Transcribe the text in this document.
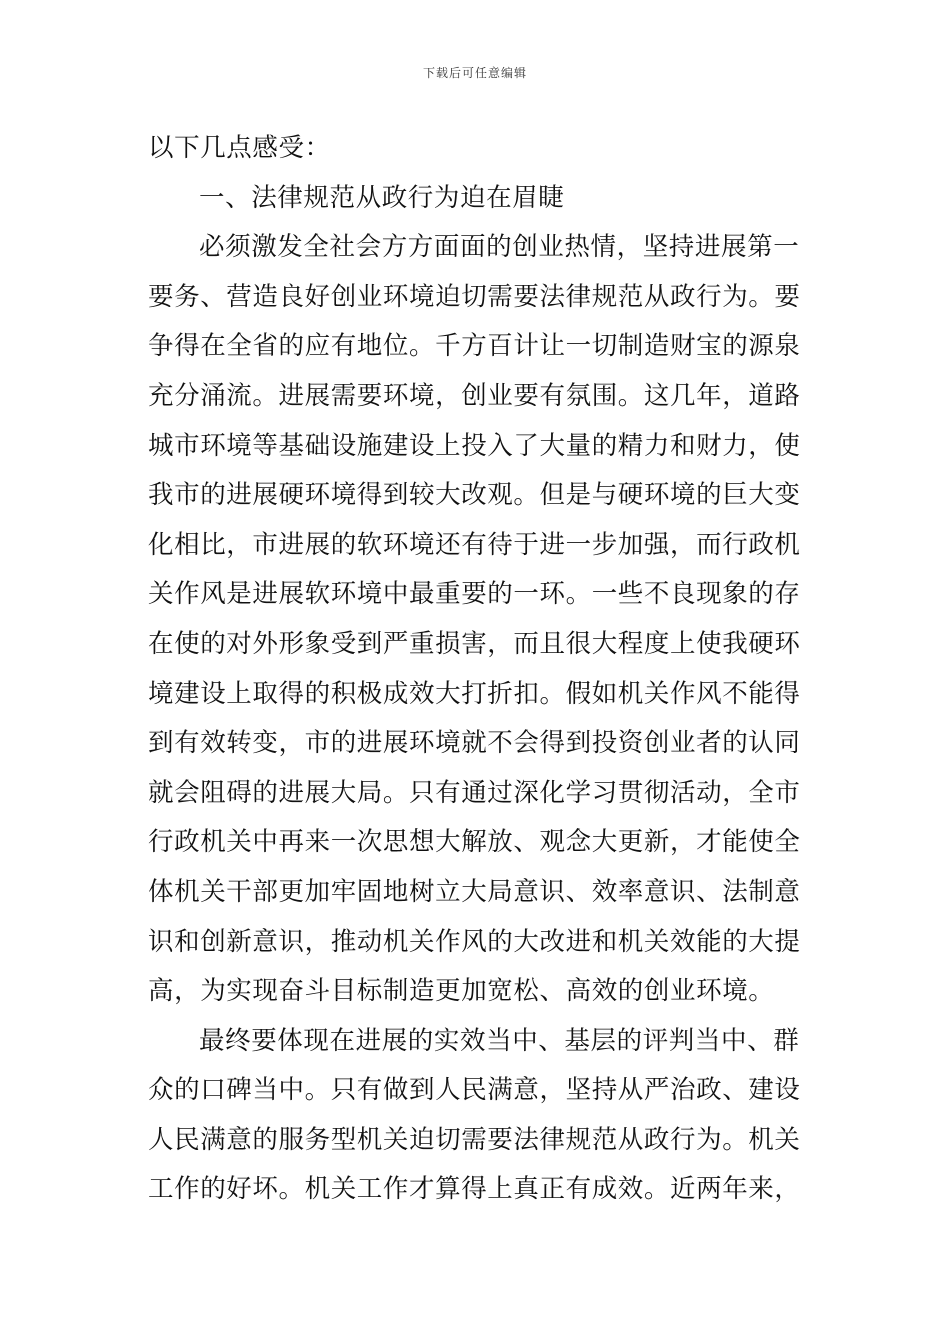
下载后可任意编辑
以下几点感受：
一、法律规范从政行为迫在眉睫
必须激发全社会方方面面的创业热情，坚持进展第一
要务、营造良好创业环境迫切需要法律规范从政行为。要
争得在全省的应有地位。千方百计让一切制造财宝的源泉
充分涌流。进展需要环境，创业要有氛围。这几年，道路
城市环境等基础设施建设上投入了大量的精力和财力，使
我市的进展硬环境得到较大改观。但是与硬环境的巨大变
化相比，市进展的软环境还有待于进一步加强，而行政机
关作风是进展软环境中最重要的一环。一些不良现象的存
在使的对外形象受到严重损害，而且很大程度上使我硬环
境建设上取得的积极成效大打折扣。假如机关作风不能得
到有效转变，市的进展环境就不会得到投资创业者的认同
就会阻碍的进展大局。只有通过深化学习贯彻活动，全市
行政机关中再来一次思想大解放、观念大更新，才能使全
体机关干部更加牢固地树立大局意识、效率意识、法制意
识和创新意识，推动机关作风的大改进和机关效能的大提
高，为实现奋斗目标制造更加宽松、高效的创业环境。
最终要体现在进展的实效当中、基层的评判当中、群
众的口碑当中。只有做到人民满意，坚持从严治政、建设
人民满意的服务型机关迫切需要法律规范从政行为。机关
工作的好坏。机关工作才算得上真正有成效。近两年来，
